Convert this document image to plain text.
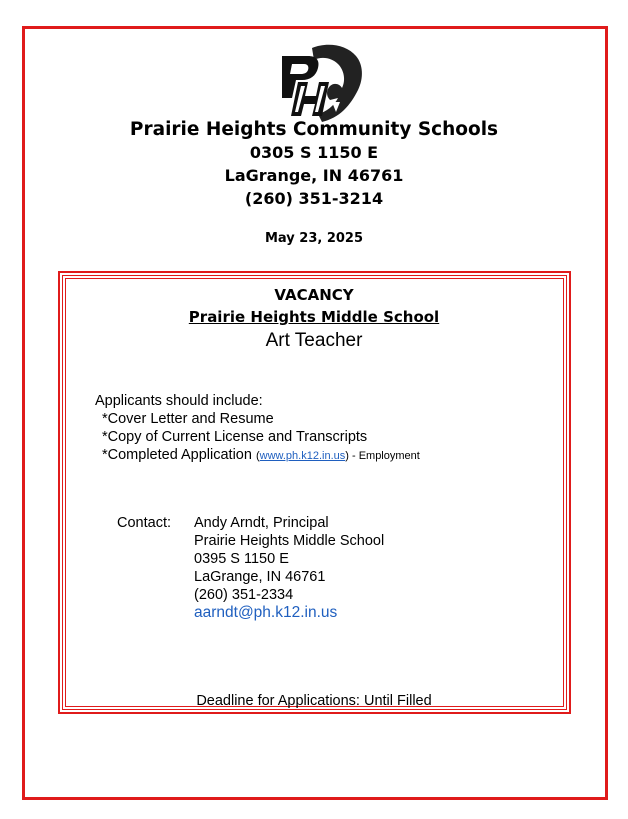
Prairie Heights Community Schools
0305 S 1150 E
LaGrange, IN 46761
(260) 351-3214
May 23, 2025
VACANCY
Prairie Heights Middle School
Art Teacher
Applicants should include:
*Cover Letter and Resume
*Copy of Current License and Transcripts
*Completed Application (www.ph.k12.in.us) - Employment
Contact: Andy Arndt, Principal
Prairie Heights Middle School
0395 S 1150 E
LaGrange, IN 46761
(260) 351-2334
aarndt@ph.k12.in.us
Deadline for Applications: Until Filled
